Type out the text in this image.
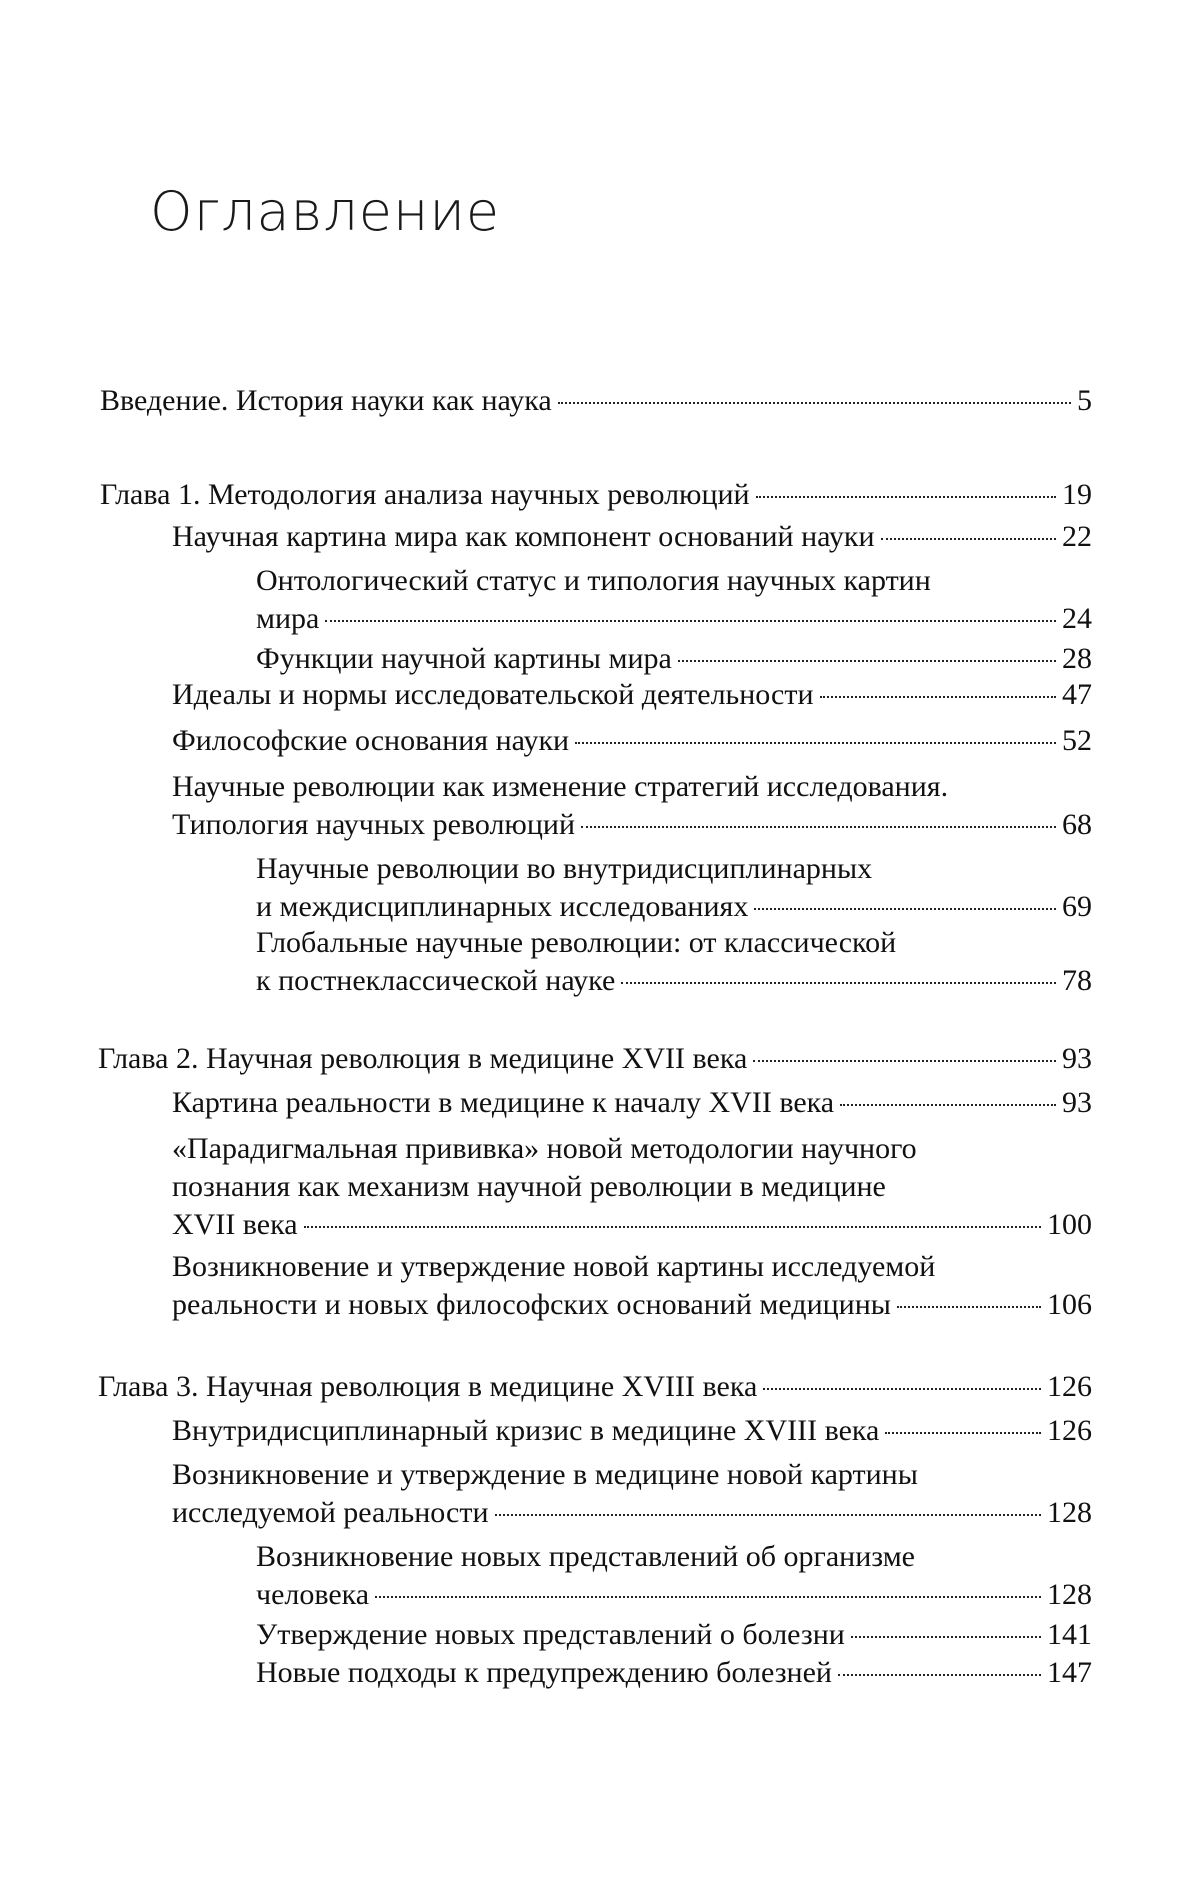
Оглавление
Введение. История науки как наука	5
Глава 1. Методология анализа научных революций	19
Научная картина мира как компонент оснований науки	22
Онтологический статус и типология научных картин
мира	24
Функции научной картины мира	28
Идеалы и нормы исследовательской деятельности	47
Философские основания науки	52
Научные революции как изменение стратегий исследования.
Типология научных революций	68
Научные революции во внутридисциплинарных
и междисциплинарных исследованиях	69
Глобальные научные революции: от классической
к постнеклассической науке	78
Глава 2. Научная революция в медицине XVII века	93
Картина реальности в медицине к началу XVII века	93
«Парадигмальная прививка» новой методологии научного
познания как механизм научной революции в медицине
XVII века	100
Возникновение и утверждение новой картины исследуемой
реальности и новых философских оснований медицины	106
Глава 3. Научная революция в медицине XVIII века	126
Внутридисциплинарный кризис в медицине XVIII века	126
Возникновение и утверждение в медицине новой картины
исследуемой реальности	128
Возникновение новых представлений об организме
человека	128
Утверждение новых представлений о болезни	141
Новые подходы к предупреждению болезней	147
